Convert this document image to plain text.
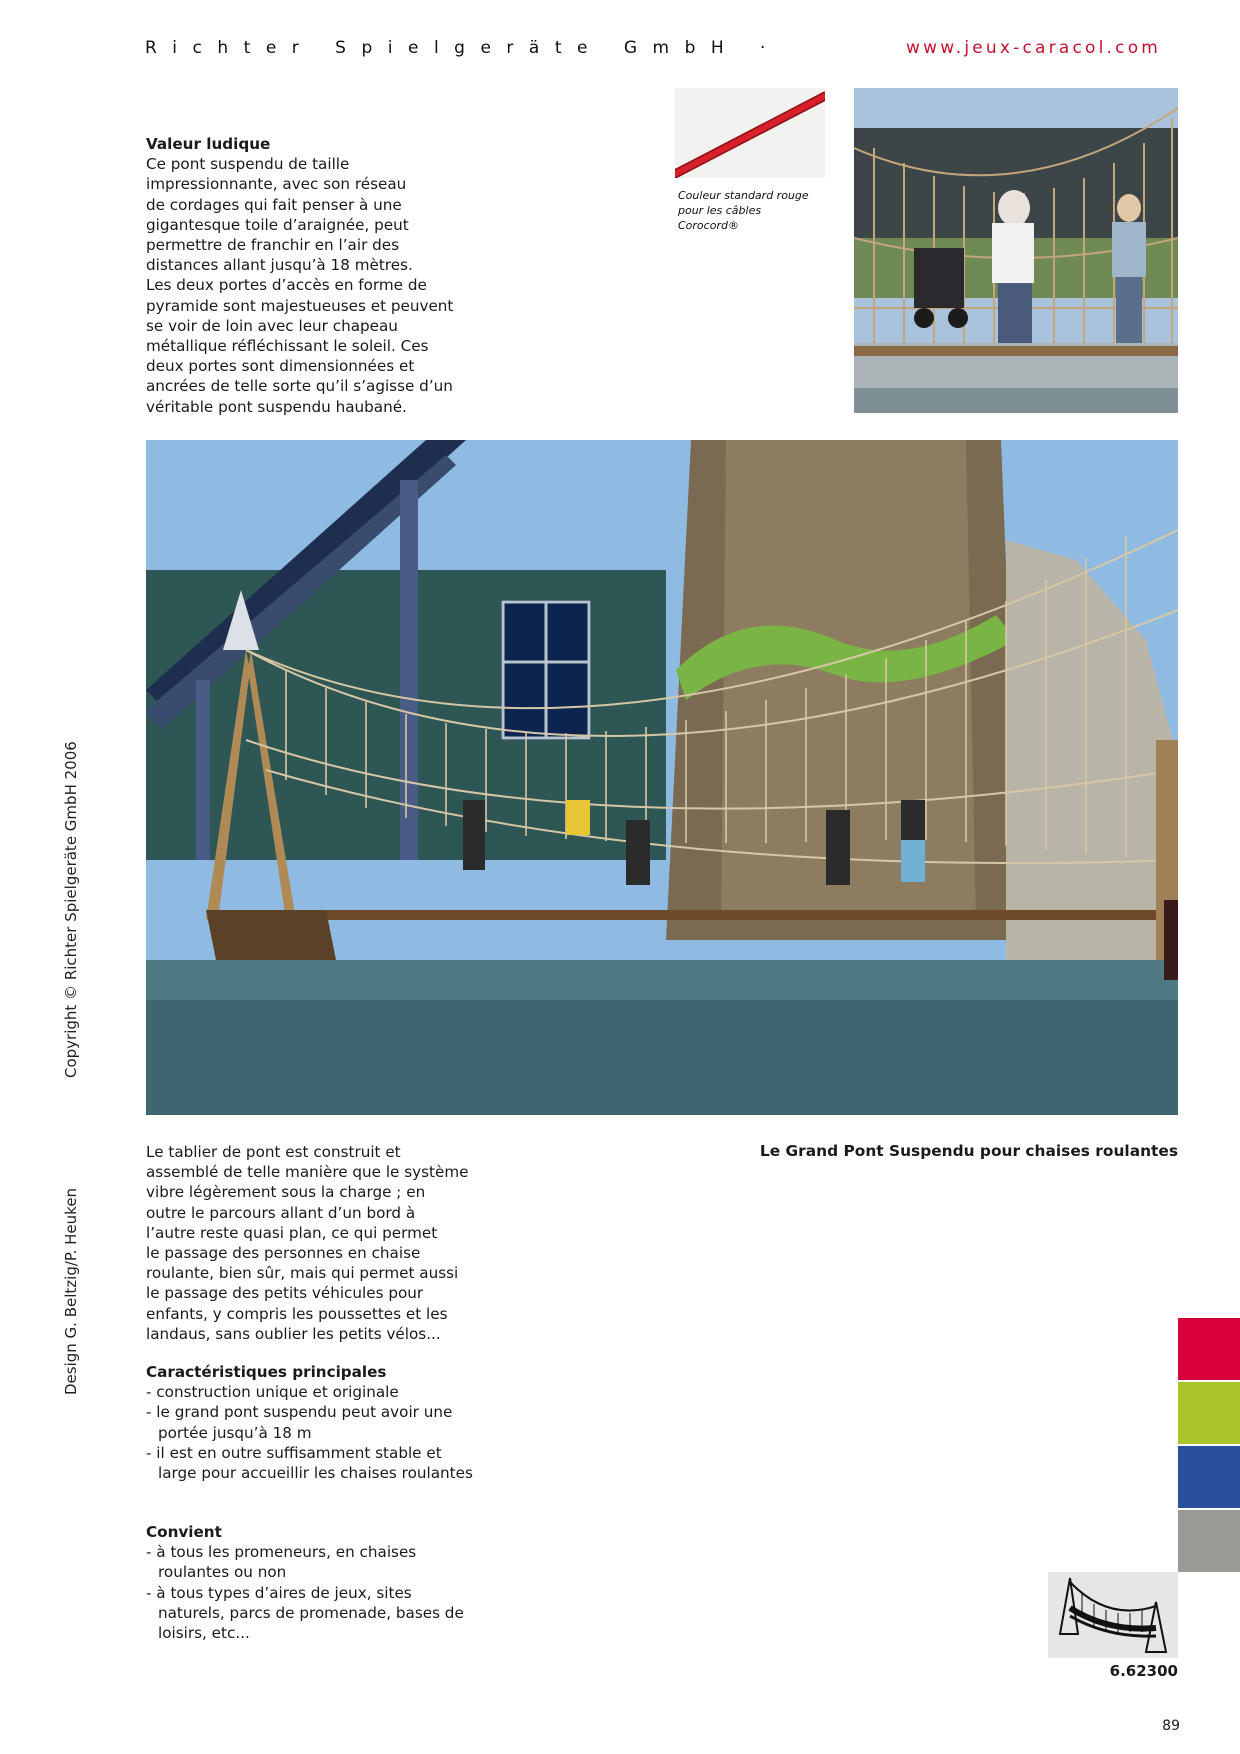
Richter Spielgeräte GmbH ·	www.jeux-caracol.com
Valeur ludique
Ce pont suspendu de taille
impressionnante, avec son réseau
de cordages qui fait penser à une
gigantesque toile d’araignée, peut
permettre de franchir en l’air des
distances allant jusqu’à 18 mètres.
Les deux portes d’accès en forme de
pyramide sont majestueuses et peuvent
se voir de loin avec leur chapeau
métallique réfléchissant le soleil. Ces
deux portes sont dimensionnées et
ancrées de telle sorte qu’il s’agisse d’un
véritable pont suspendu haubané.
Couleur standard rouge
pour les câbles
Corocord®
Le Grand Pont Suspendu pour chaises roulantes
Le tablier de pont est construit et
assemblé de telle manière que le système
vibre légèrement sous la charge ; en
outre le parcours allant d’un bord à
l’autre reste quasi plan, ce qui permet
le passage des personnes en chaise
roulante, bien sûr, mais qui permet aussi
le passage des petits véhicules pour
enfants, y compris les poussettes et les
landaus, sans oublier les petits vélos...
Caractéristiques principales
- construction unique et originale
- le grand pont suspendu peut avoir une portée jusqu’à 18 m
- il est en outre suffisamment stable et large pour accueillir les chaises roulantes
Convient
- à tous les promeneurs, en chaises roulantes ou non
- à tous types d’aires de jeux, sites naturels, parcs de promenade, bases de loisirs, etc...
Copyright © Richter Spielgeräte GmbH 2006
Design G. Beltzig/P. Heuken
6.62300
89
